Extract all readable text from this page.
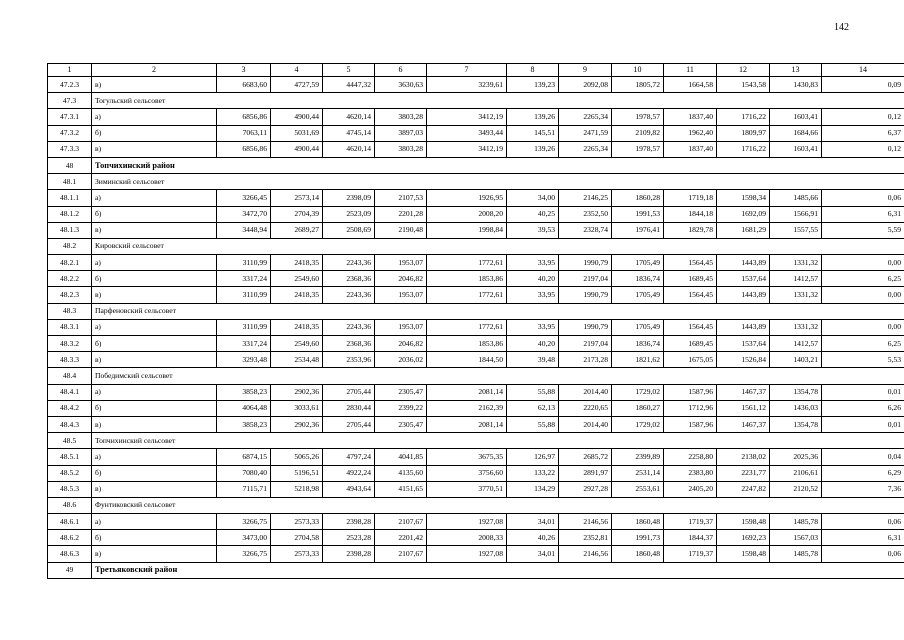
142
1	2	3	4	5	6	7	8	9	10	11	12	13	14
47.2.3	в)	6683,60	4727,59	4447,32	3630,63	3239,61	139,23	2092,08	1805,72	1664,58	1543,58	1430,83	0,09
47.3	Тогульский сельсовет												
47.3.1	а)	6856,86	4900,44	4620,14	3803,28	3412,19	139,26	2265,34	1978,57	1837,40	1716,22	1603,41	0,12
47.3.2	б)	7063,11	5031,69	4745,14	3897,03	3493,44	145,51	2471,59	2109,82	1962,40	1809,97	1684,66	6,37
47.3.3	в)	6856,86	4900,44	4620,14	3803,28	3412,19	139,26	2265,34	1978,57	1837,40	1716,22	1603,41	0,12
48	Топчихинский район												
48.1	Зиминский сельсовет												
48.1.1	а)	3266,45	2573,14	2398,09	2107,53	1926,95	34,00	2146,25	1860,28	1719,18	1598,34	1485,66	0,06
48.1.2	б)	3472,70	2704,39	2523,09	2201,28	2008,20	40,25	2352,50	1991,53	1844,18	1692,09	1566,91	6,31
48.1.3	в)	3448,94	2689,27	2508,69	2190,48	1998,84	39,53	2328,74	1976,41	1829,78	1681,29	1557,55	5,59
48.2	Кировский сельсовет												
48.2.1	а)	3110,99	2418,35	2243,36	1953,07	1772,61	33,95	1990,79	1705,49	1564,45	1443,89	1331,32	0,00
48.2.2	б)	3317,24	2549,60	2368,36	2046,82	1853,86	40,20	2197,04	1836,74	1689,45	1537,64	1412,57	6,25
48.2.3	в)	3110,99	2418,35	2243,36	1953,07	1772,61	33,95	1990,79	1705,49	1564,45	1443,89	1331,32	0,00
48.3	Парфеновский сельсовет												
48.3.1	а)	3110,99	2418,35	2243,36	1953,07	1772,61	33,95	1990,79	1705,49	1564,45	1443,89	1331,32	0,00
48.3.2	б)	3317,24	2549,60	2368,36	2046,82	1853,86	40,20	2197,04	1836,74	1689,45	1537,64	1412,57	6,25
48.3.3	в)	3293,48	2534,48	2353,96	2036,02	1844,50	39,48	2173,28	1821,62	1675,05	1526,84	1403,21	5,53
48.4	Победимский сельсовет												
48.4.1	а)	3858,23	2902,36	2705,44	2305,47	2081,14	55,88	2014,40	1729,02	1587,96	1467,37	1354,78	0,01
48.4.2	б)	4064,48	3033,61	2830,44	2399,22	2162,39	62,13	2220,65	1860,27	1712,96	1561,12	1436,03	6,26
48.4.3	в)	3858,23	2902,36	2705,44	2305,47	2081,14	55,88	2014,40	1729,02	1587,96	1467,37	1354,78	0,01
48.5	Топчихинский сельсовет												
48.5.1	а)	6874,15	5065,26	4797,24	4041,85	3675,35	126,97	2685,72	2399,89	2258,80	2138,02	2025,36	0,04
48.5.2	б)	7080,40	5196,51	4922,24	4135,60	3756,60	133,22	2891,97	2531,14	2383,80	2231,77	2106,61	6,29
48.5.3	в)	7115,71	5218,98	4943,64	4151,65	3770,51	134,29	2927,28	2553,61	2405,20	2247,82	2120,52	7,36
48.6	Фунтиковский сельсовет												
48.6.1	а)	3266,75	2573,33	2398,28	2107,67	1927,08	34,01	2146,56	1860,48	1719,37	1598,48	1485,78	0,06
48.6.2	б)	3473,00	2704,58	2523,28	2201,42	2008,33	40,26	2352,81	1991,73	1844,37	1692,23	1567,03	6,31
48.6.3	в)	3266,75	2573,33	2398,28	2107,67	1927,08	34,01	2146,56	1860,48	1719,37	1598,48	1485,78	0,06
49	Третьяковский район												
